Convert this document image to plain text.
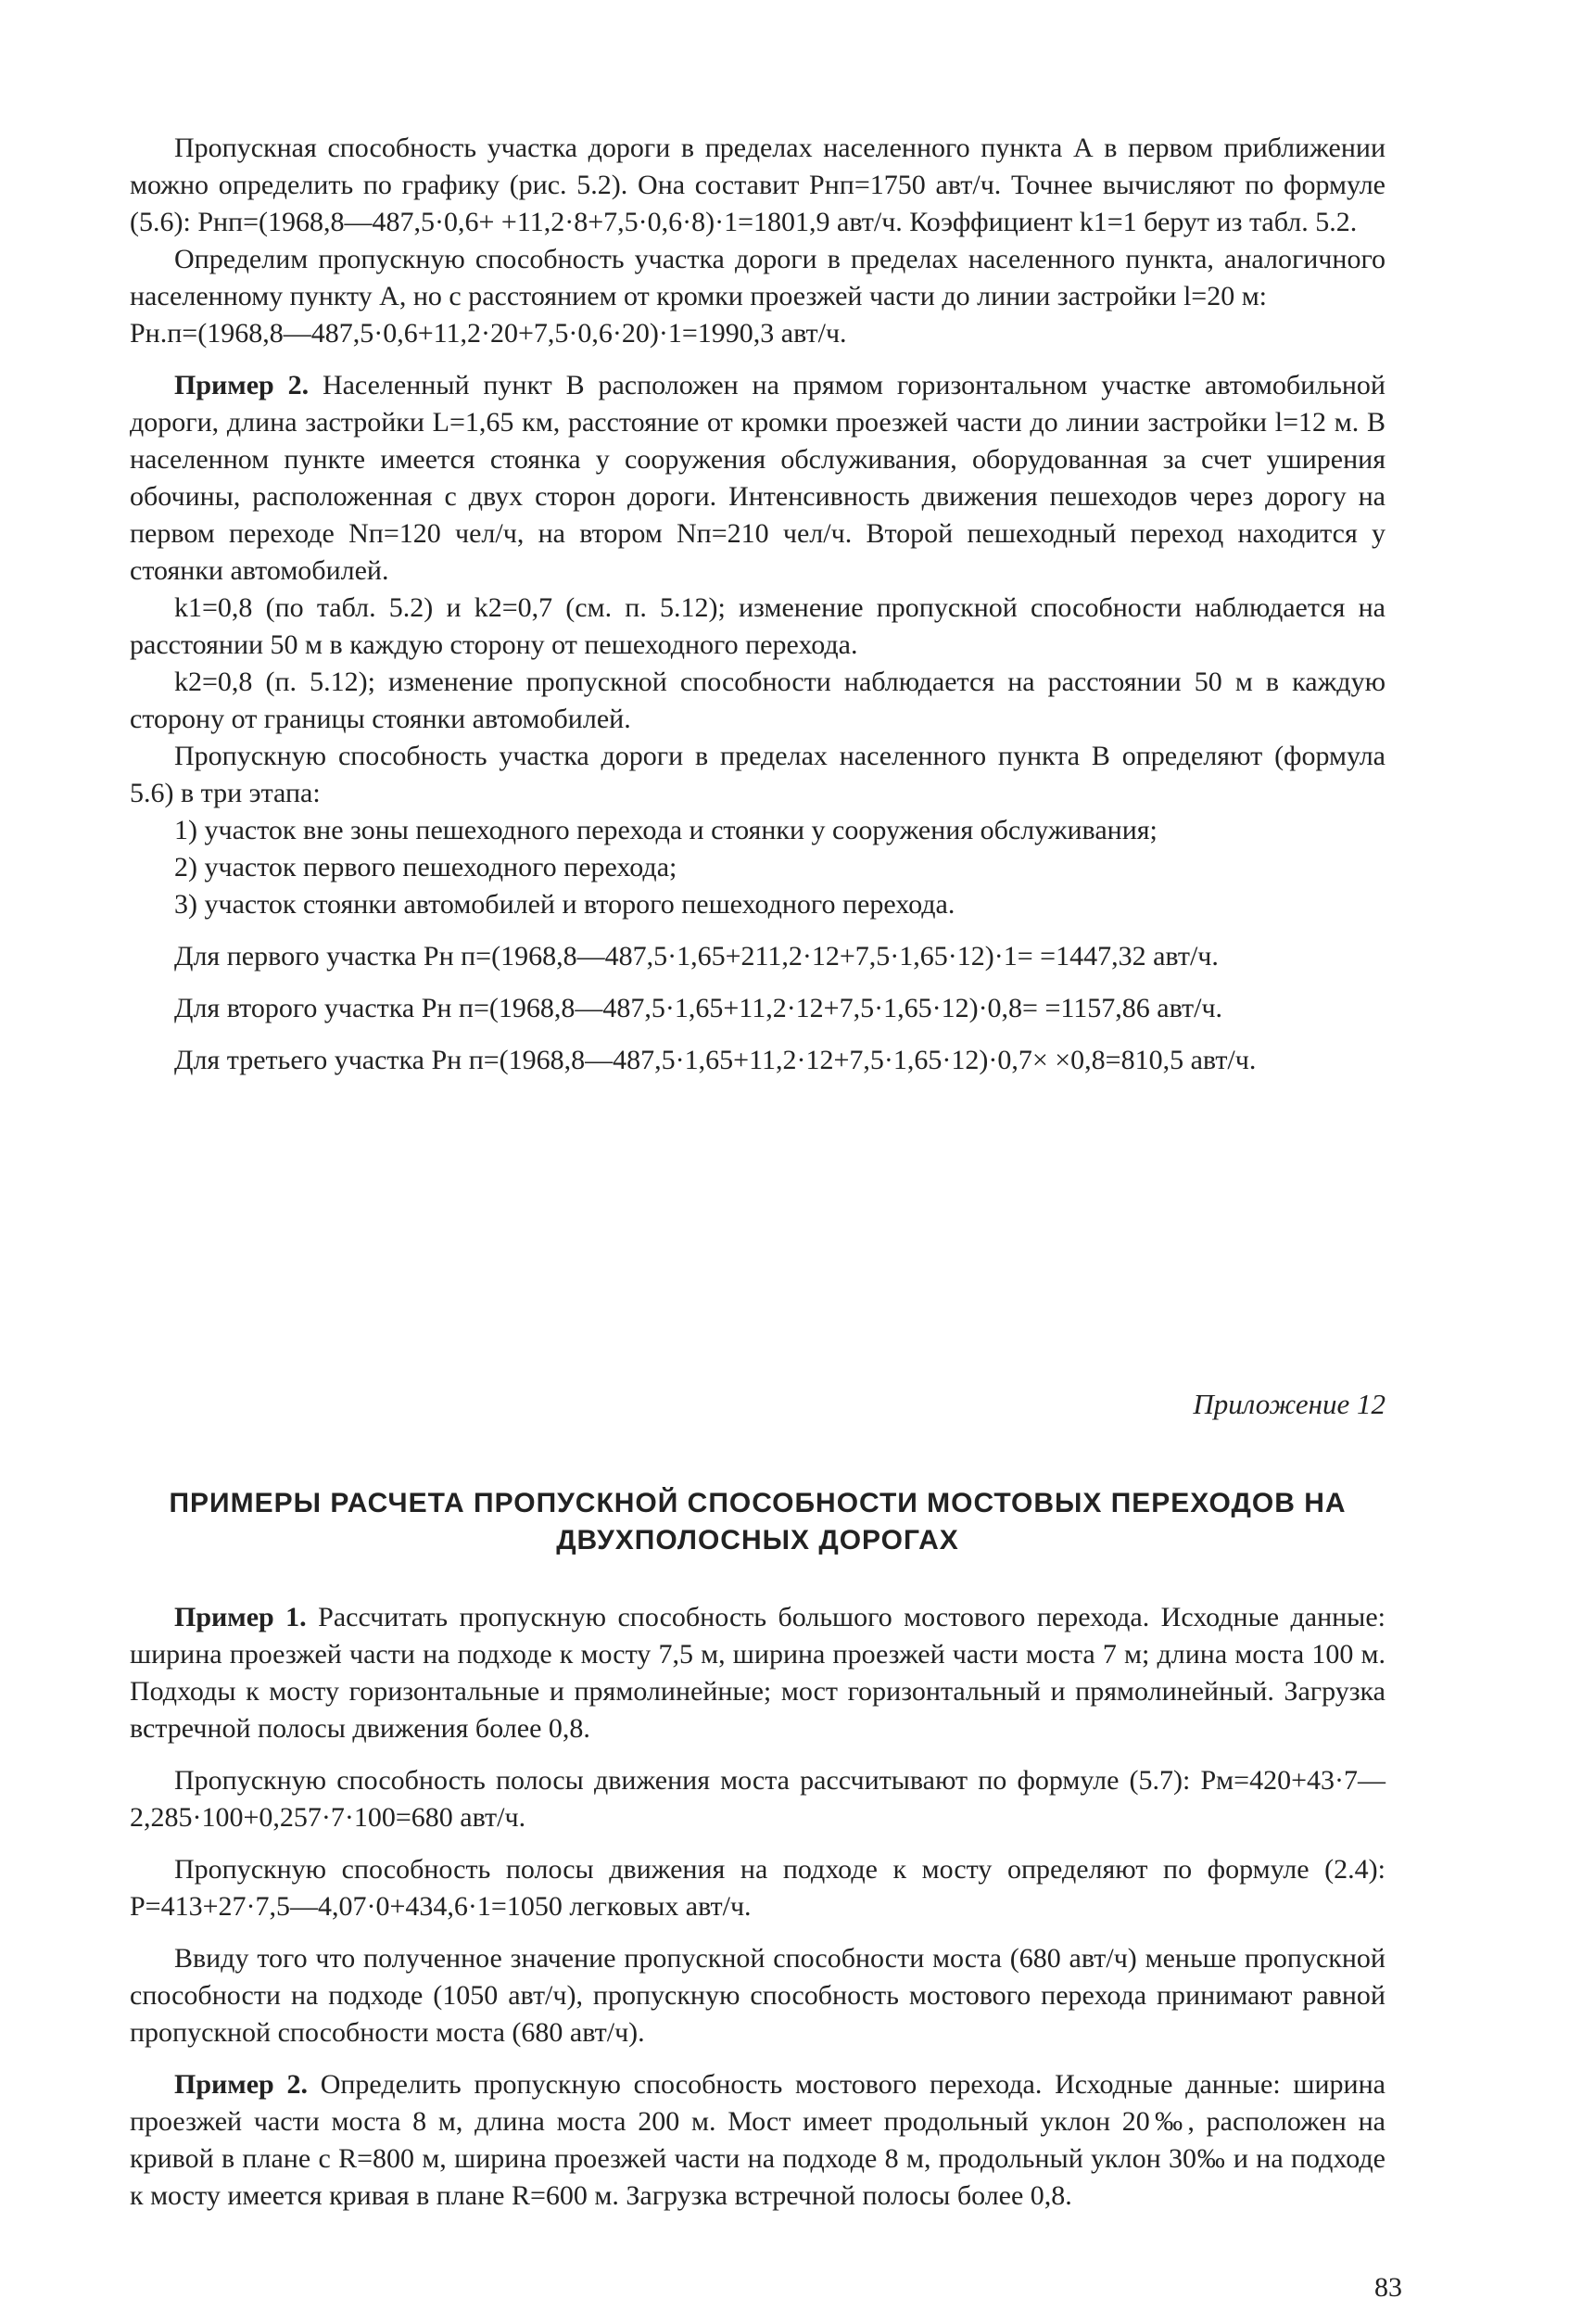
Пропускная способность участка дороги в пределах населенного пункта А в первом приближении можно определить по графику (рис. 5.2). Она составит Pнп=1750 авт/ч. Точнее вычисляют по формуле (5.6): Pнп=(1968,8—487,5·0,6+ +11,2·8+7,5·0,6·8)·1=1801,9 авт/ч. Коэффициент k1=1 берут из табл. 5.2.

Определим пропускную способность участка дороги в пределах населенного пункта, аналогичного населенному пункту А, но с расстоянием от кромки проезжей части до линии застройки l=20 м:

Pн.п=(1968,8—487,5·0,6+11,2·20+7,5·0,6·20)·1=1990,3 авт/ч.

Пример 2. Населенный пункт В расположен на прямом горизонтальном участке автомобильной дороги, длина застройки L=1,65 км, расстояние от кромки проезжей части до линии застройки l=12 м. В населенном пункте имеется стоянка у сооружения обслуживания, оборудованная за счет уширения обочины, расположенная с двух сторон дороги. Интенсивность движения пешеходов через дорогу на первом переходе Nп=120 чел/ч, на втором Nп=210 чел/ч. Второй пешеходный переход находится у стоянки автомобилей.

k1=0,8 (по табл. 5.2) и k2=0,7 (см. п. 5.12); изменение пропускной способности наблюдается на расстоянии 50 м в каждую сторону от пешеходного перехода.

k2=0,8 (п. 5.12); изменение пропускной способности наблюдается на расстоянии 50 м в каждую сторону от границы стоянки автомобилей.

Пропускную способность участка дороги в пределах населенного пункта В определяют (формула 5.6) в три этапа:

1) участок вне зоны пешеходного перехода и стоянки у сооружения обслуживания;

2) участок первого пешеходного перехода;

3) участок стоянки автомобилей и второго пешеходного перехода.

Для первого участка Pн п=(1968,8—487,5·1,65+211,2·12+7,5·1,65·12)·1= =1447,32 авт/ч.

Для второго участка Pн п=(1968,8—487,5·1,65+11,2·12+7,5·1,65·12)·0,8= =1157,86 авт/ч.

Для третьего участка Pн п=(1968,8—487,5·1,65+11,2·12+7,5·1,65·12)·0,7× ×0,8=810,5 авт/ч.

Приложение 12
ПРИМЕРЫ РАСЧЕТА ПРОПУСКНОЙ СПОСОБНОСТИ МОСТОВЫХ ПЕРЕХОДОВ НА ДВУХПОЛОСНЫХ ДОРОГАХ

Пример 1. Рассчитать пропускную способность большого мостового перехода. Исходные данные: ширина проезжей части на подходе к мосту 7,5 м, ширина проезжей части моста 7 м; длина моста 100 м. Подходы к мосту горизонтальные и прямолинейные; мост горизонтальный и прямолинейный. Загрузка встречной полосы движения более 0,8.

Пропускную способность полосы движения моста рассчитывают по формуле (5.7): Pм=420+43·7—2,285·100+0,257·7·100=680 авт/ч.

Пропускную способность полосы движения на подходе к мосту определяют по формуле (2.4): P=413+27·7,5—4,07·0+434,6·1=1050 легковых авт/ч.

Ввиду того что полученное значение пропускной способности моста (680 авт/ч) меньше пропускной способности на подходе (1050 авт/ч), пропускную способность мостового перехода принимают равной пропускной способности моста (680 авт/ч).

Пример 2. Определить пропускную способность мостового перехода. Исходные данные: ширина проезжей части моста 8 м, длина моста 200 м. Мост имеет продольный уклон 20‰, расположен на кривой в плане с R=800 м, ширина проезжей части на подходе 8 м, продольный уклон 30‰ и на подходе к мосту имеется кривая в плане R=600 м. Загрузка встречной полосы более 0,8.

83
